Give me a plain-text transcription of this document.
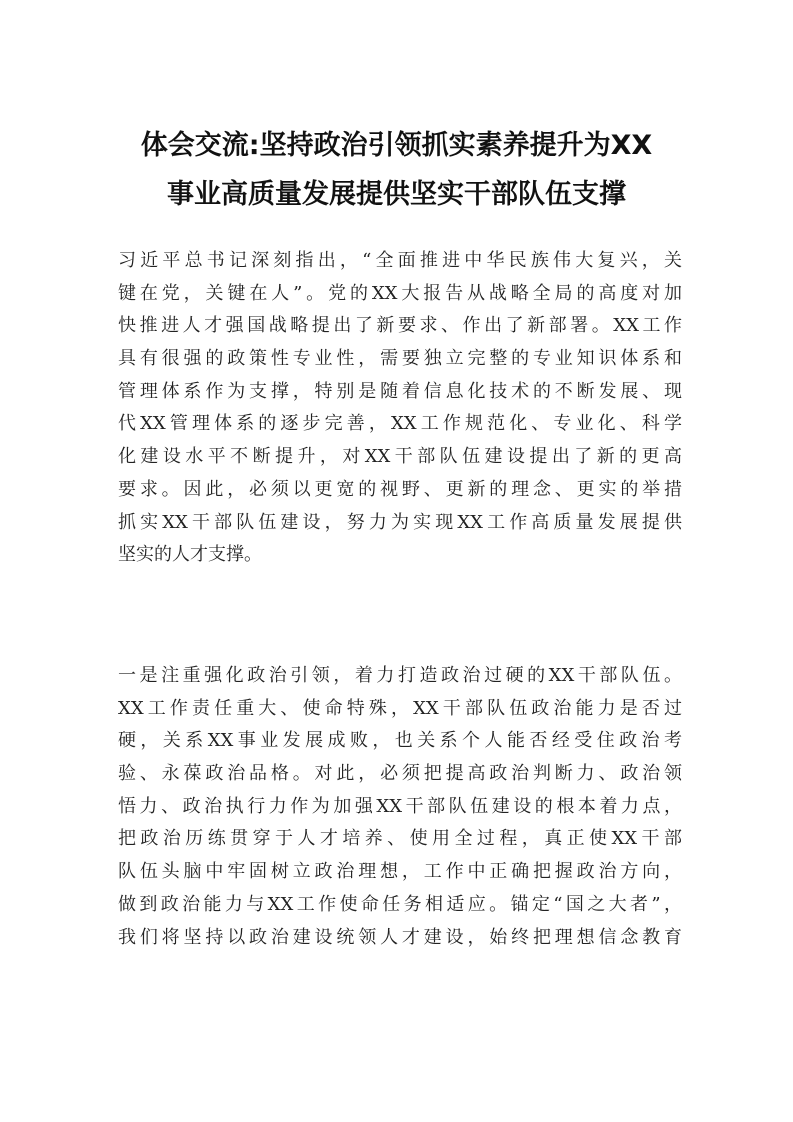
体会交流:坚持政治引领抓实素养提升为XX
事业高质量发展提供坚实干部队伍支撑
习近平总书记深刻指出，“全面推进中华民族伟大复兴，关
键在党，关键在人”。党的XX大报告从战略全局的高度对加
快推进人才强国战略提出了新要求、作出了新部署。XX工作
具有很强的政策性专业性，需要独立完整的专业知识体系和
管理体系作为支撑，特别是随着信息化技术的不断发展、现
代XX管理体系的逐步完善，XX工作规范化、专业化、科学
化建设水平不断提升，对XX干部队伍建设提出了新的更高
要求。因此，必须以更宽的视野、更新的理念、更实的举措
抓实XX干部队伍建设，努力为实现XX工作高质量发展提供
坚实的人才支撑。
一是注重强化政治引领，着力打造政治过硬的XX干部队伍。
XX工作责任重大、使命特殊，XX干部队伍政治能力是否过
硬，关系XX事业发展成败，也关系个人能否经受住政治考
验、永葆政治品格。对此，必须把提高政治判断力、政治领
悟力、政治执行力作为加强XX干部队伍建设的根本着力点，
把政治历练贯穿于人才培养、使用全过程，真正使XX干部
队伍头脑中牢固树立政治理想，工作中正确把握政治方向，
做到政治能力与XX工作使命任务相适应。锚定“国之大者”，
我们将坚持以政治建设统领人才建设，始终把理想信念教育
